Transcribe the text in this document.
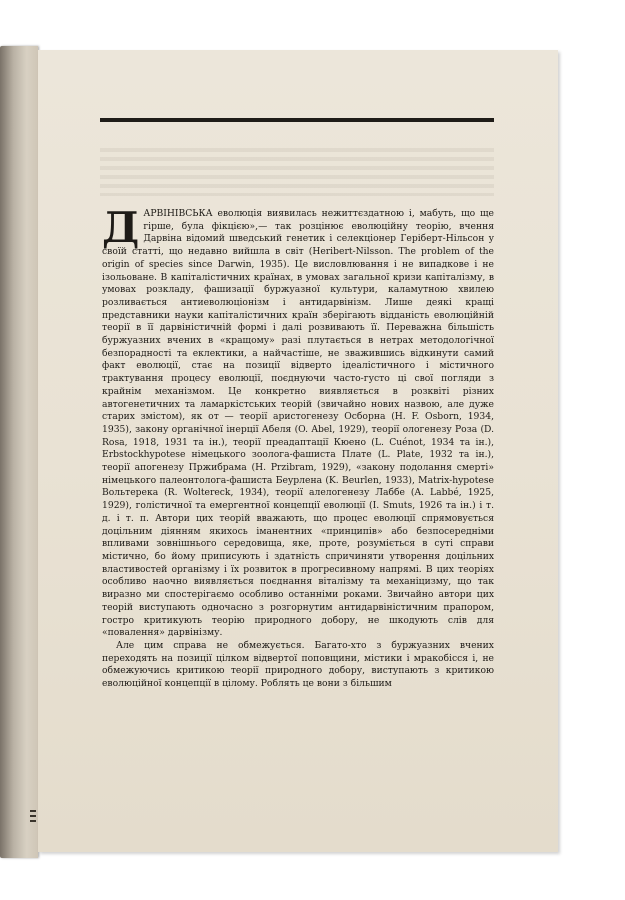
ДАРВІНІВСЬКА еволюція виявилась нежиттєздатною і, мабуть, що ще гірше, була фікцією»,— так розцінює еволюційну теорію, вчення Дарвіна відомий шведський генетик і селекціонер Геріберт-Нільсон у своїй статті, що недавно вийшла в світ (Heribert-Nilsson. The problem of the origin of species since Darwin, 1935). Це висловлювання і не випадкове і не ізольоване. В капіталістичних країнах, в умовах загальної кризи капіталізму, в умовах розкладу, фашизації буржуазної культури, каламутною хвилею розливається антиеволюціонізм і антидарвінізм. Лише деякі кращі представники науки капіталістичних країн зберігають відданість еволюційній теорії в її дарвіністичній формі і далі розвивають її. Переважна більшість буржуазних вчених в «кращому» разі плутається в нетрах методологічної безпорадності та еклектики, а найчастіше, не зважившись відкинути самий факт еволюції, стає на позиції відверто ідеалістичного і містичного трактування процесу еволюції, поєднуючи часто-густо ці свої погляди з крайнім механізмом. Це конкретно виявляється в розквіті різних автогенетичних та ламаркістських теорій (звичайно нових назвою, але дуже старих змістом), як от — теорії аристогенезу Осборна (H. F. Osborn, 1934, 1935), закону органічної інерції Абеля (O. Abel, 1929), теорії ологенезу Роза (D. Rosa, 1918, 1931 та ін.), теорії преадаптації Кюено (L. Cuénot, 1934 та ін.), Erbstockhypotese німецького зоолога-фашиста Плате (L. Plate, 1932 та ін.), теорії апогенезу Пржибрама (H. Przibram, 1929), «закону подолання смерті» німецького палеонтолога-фашиста Беурлена (K. Beurlen, 1933), Matrix-hypotese Вольтерека (R. Woltereck, 1934), теорії алелогенезу Лаббе (A. Labbé, 1925, 1929), голістичної та емергентної концепції еволюції (I. Smuts, 1926 та ін.) і т. д. і т. п. Автори цих теорій вважають, що процес еволюції спрямовується доцільним діянням якихось іманентних «принципів» або безпосередніми впливами зовнішнього середовища, яке, проте, розуміється в суті справи містично, бо йому приписують і здатність спричиняти утворення доцільних властивостей організму і їх розвиток в прогресивному напрямі. В цих теоріях особливо наочно виявляється поєднання віталізму та механіцизму, що так виразно ми спостерігаємо особливо останніми роками. Звичайно автори цих теорій виступають одночасно з розгорнутим антидарвіністичним прапором, гостро критикують теорію природного добору, не шкодують слів для «повалення» дарвінізму.

Але цим справа не обмежується. Багато-хто з буржуазних вчених переходять на позиції цілком відвертої поповщини, містики і мракобісся і, не обмежуючись критикою теорії природного добору, виступають з критикою еволюційної концепції в цілому. Роблять це вони з більшим
